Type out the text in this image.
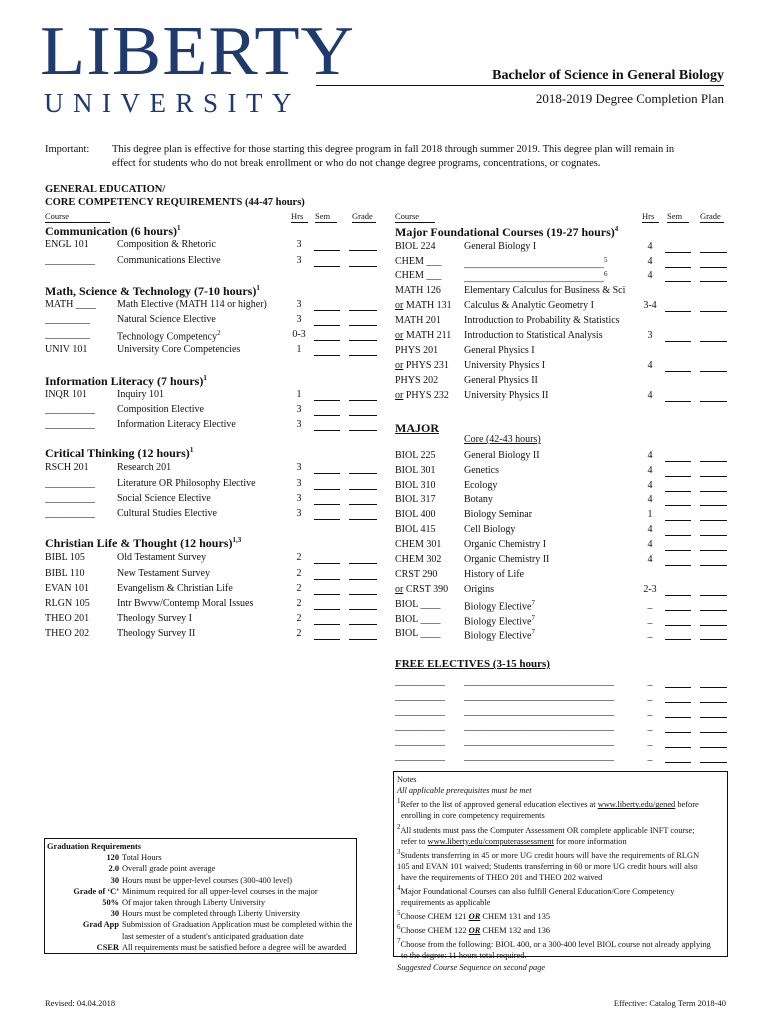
LIBERTY
UNIVERSITY
Bachelor of Science in General Biology
2018-2019 Degree Completion Plan
Important: This degree plan is effective for those starting this degree program in fall 2018 through summer 2019. This degree plan will remain in
effect for students who do not break enrollment or who do not change degree programs, concentrations, or cognates.
GENERAL EDUCATION/
CORE COMPETENCY REQUIREMENTS (44-47 hours)
Course	Hrs	Sem	Grade	Course	Hrs	Sem	Grade
Communication (6 hours)$^1$
ENGL 101	Composition & Rhetoric	3
__________ Communications Elective	3
Math, Science & Technology (7-10 hours)$^1$
MATH ____ Math Elective (MATH 114 or higher)	3
_________	Natural Science Elective	3
_________	Technology Competency$^2$	0-3
UNIV 101	University Core Competencies	1
Information Literacy (7 hours)$^1$
INQR 101	Inquiry 101	1
__________ Composition Elective	3
__________ Information Literacy Elective	3
Critical Thinking (12 hours)$^1$
RSCH 201	Research 201	3
__________ Literature OR Philosophy Elective	3
__________ Social Science Elective	3
__________ Cultural Studies Elective	3
Christian Life & Thought (12 hours)$^{1,3}$
BIBL 105	Old Testament Survey	2
BIBL 110	New Testament Survey	2
EVAN 101	Evangelism & Christian Life	2
RLGN 105	Intr Bwvw/Contemp Moral Issues	2
THEO 201	Theology Survey I	2
THEO 202	Theology Survey II	2
Major Foundational Courses (19-27 hours)$^4$
BIOL 224	General Biology I	4
CHEM ___ ____________________________$^5$	4
CHEM ___ ____________________________$^6$	4
MATH 126 Elementary Calculus for Business & Sci
or MATH 131 Calculus & Analytic Geometry I	3-4
MATH 201 Introduction to Probability & Statistics
or MATH 211 Introduction to Statistical Analysis	3
PHYS 201	General Physics I
or PHYS 231 University Physics I	4
PHYS 202	General Physics II
or PHYS 232 University Physics II	4
MAJOR
Core (42-43 hours)
BIOL 225	General Biology II	4
BIOL 301	Genetics	4
BIOL 310	Ecology	4
BIOL 317	Botany	4
BIOL 400	Biology Seminar	1
BIOL 415	Cell Biology	4
CHEM 301 Organic Chemistry I	4
CHEM 302 Organic Chemistry II	4
CRST 290	History of Life
or CRST 390 Origins	2-3
BIOL ____ Biology Elective$^7$	_
BIOL ____ Biology Elective$^7$	_
BIOL ____ Biology Elective$^7$	_
FREE ELECTIVES (3-15 hours)
__________ ______________________________	_
__________ ______________________________	_
__________ ______________________________	_
__________ ______________________________	_
__________ ______________________________	_
__________ ______________________________	_
Notes
All applicable prerequisites must be met
$^1$Refer to the list of approved general education electives at www.liberty.edu/gened before
enrolling in core competency requirements
$^2$All students must pass the Computer Assessment OR complete applicable INFT course;
refer to www.liberty.edu/computerassessment for more information
$^3$Students transferring in 45 or more UG credit hours will have the requirements of RLGN
105 and EVAN 101 waived; Students transferring in 60 or more UG credit hours will also
have the requirements of THEO 201 and THEO 202 waived
$^4$Major Foundational Courses can also fulfill General Education/Core Competency
requirements as applicable
$^5$Choose CHEM 121 OR CHEM 131 and 135
$^6$Choose CHEM 122 OR CHEM 132 and 136
$^7$Choose from the following: BIOL 400, or a 300-400 level BIOL course not already applying
to the degree: 11 hours total required.
Suggested Course Sequence on second page
Graduation Requirements
120 Total Hours
2.0 Overall grade point average
30 Hours must be upper-level courses (300-400 level)
Grade of ‘C’ Minimum required for all upper-level courses in the major
50% Of major taken through Liberty University
30 Hours must be completed through Liberty University
Grad App Submission of Graduation Application must be completed within the
last semester of a student's anticipated graduation date
CSER All requirements must be satisfied before a degree will be awarded
Revised: 04.04.2018	Effective: Catalog Term 2018-40
